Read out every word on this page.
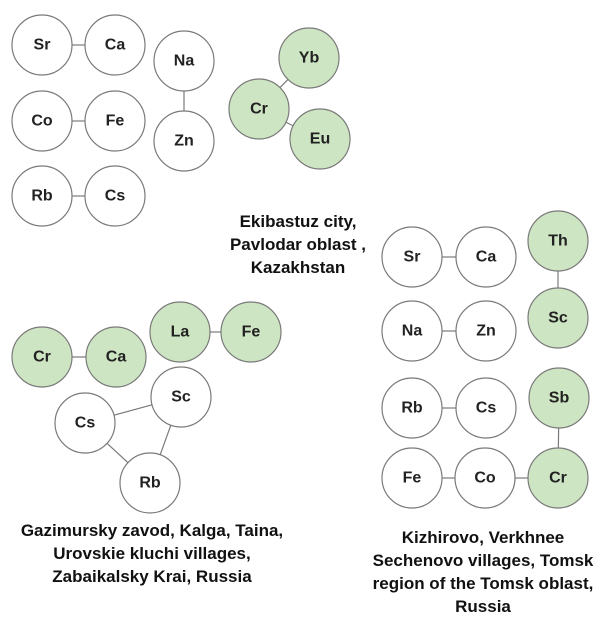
Sr	Ca
Co	Fe
Rb	Cs
Na
Zn
Yb
Cr
Eu
Cr	Ca
La	Fe
Cs
Sc
Rb
Sr	Ca
Th
Na	Zn
Sc
Rb	Cs
Sb
Fe	Co	Cr
Ekibastuz city,
Pavlodar oblast ,
Kazakhstan
Gazimursky zavod, Kalga, Taina,
Urovskie kluchi villages,
Zabaikalsky Krai, Russia
Kizhirovo, Verkhnee
Sechenovo villages, Tomsk
region of the Tomsk oblast,
Russia
